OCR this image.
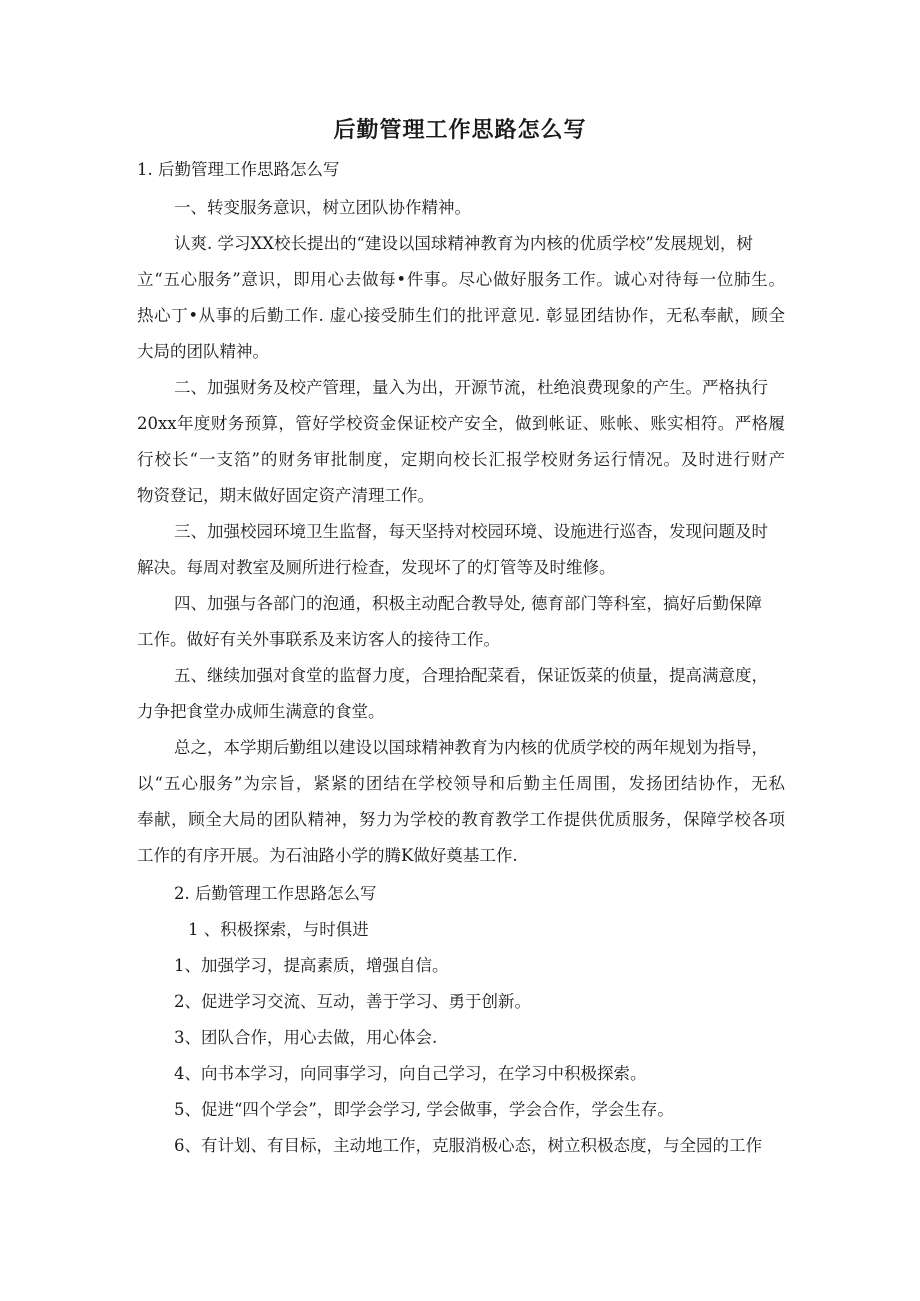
后勤管理工作思路怎么写

1. 后勤管理工作思路怎么写

一、转变服务意识，树立团队协作精神。

认爽. 学习XX校长提出的“建设以国球精神教育为内核的优质学校”发展规划，树

立“五心服务”意识，即用心去做每•件事。尽心做好服务工作。诚心对待每一位肺生。

热心丁•从事的后勤工作. 虚心接受肺生们的批评意见. 彰显团结协作，无私奉献，顾全

大局的团队精神。

二、加强财务及校产管理，量入为出，开源节流，杜绝浪费现象的产生。严格执行

20xx年度财务预算，管好学校资金保证校产安全，做到帐证、账帐、账实相符。严格履

行校长“一支箔”的财务审批制度，定期向校长汇报学校财务运行情况。及时进行财产

物资登记，期末做好固定资产清理工作。

三、加强校园环境卫生监督，每天坚持对校园环境、设施进行巡杳，发现问题及时

解决。每周对教室及厕所进行检查，发现坏了的灯管等及时维修。

四、加强与各部门的泡通，积极主动配合教导处, 德育部门等科室，搞好后勤保障

工作。做好有关外事联系及来访客人的接待工作。

五、继续加强对食堂的监督力度，合理拾配菜看，保证饭菜的侦量，提高满意度，

力争把食堂办成师生满意的食堂。

总之，本学期后勤组以建设以国球精神教育为内核的优质学校的两年规划为指导，

以“五心服务”为宗旨，紧紧的团结在学校领导和后勤主任周围，发扬团结协作，无私

奉献，顾全大局的团队精神，努力为学校的教育教学工作提供优质服务，保障学校各项

工作的有序开展。为石油路小学的腾K做好奠基工作.

2. 后勤管理工作思路怎么写

1 、积极探索，与时俱进

1、加强学习，提高素质，增强自信。

2、促进学习交流、互动，善于学习、勇于创新。

3、团队合作，用心去做，用心体会.

4、向书本学习，向同事学习，向自己学习，在学习中积极探索。

5、促进“四个学会”，即学会学习, 学会做事，学会合作，学会生存。

6、有计划、有目标，主动地工作，克服消极心态，树立积极态度，与全园的工作
